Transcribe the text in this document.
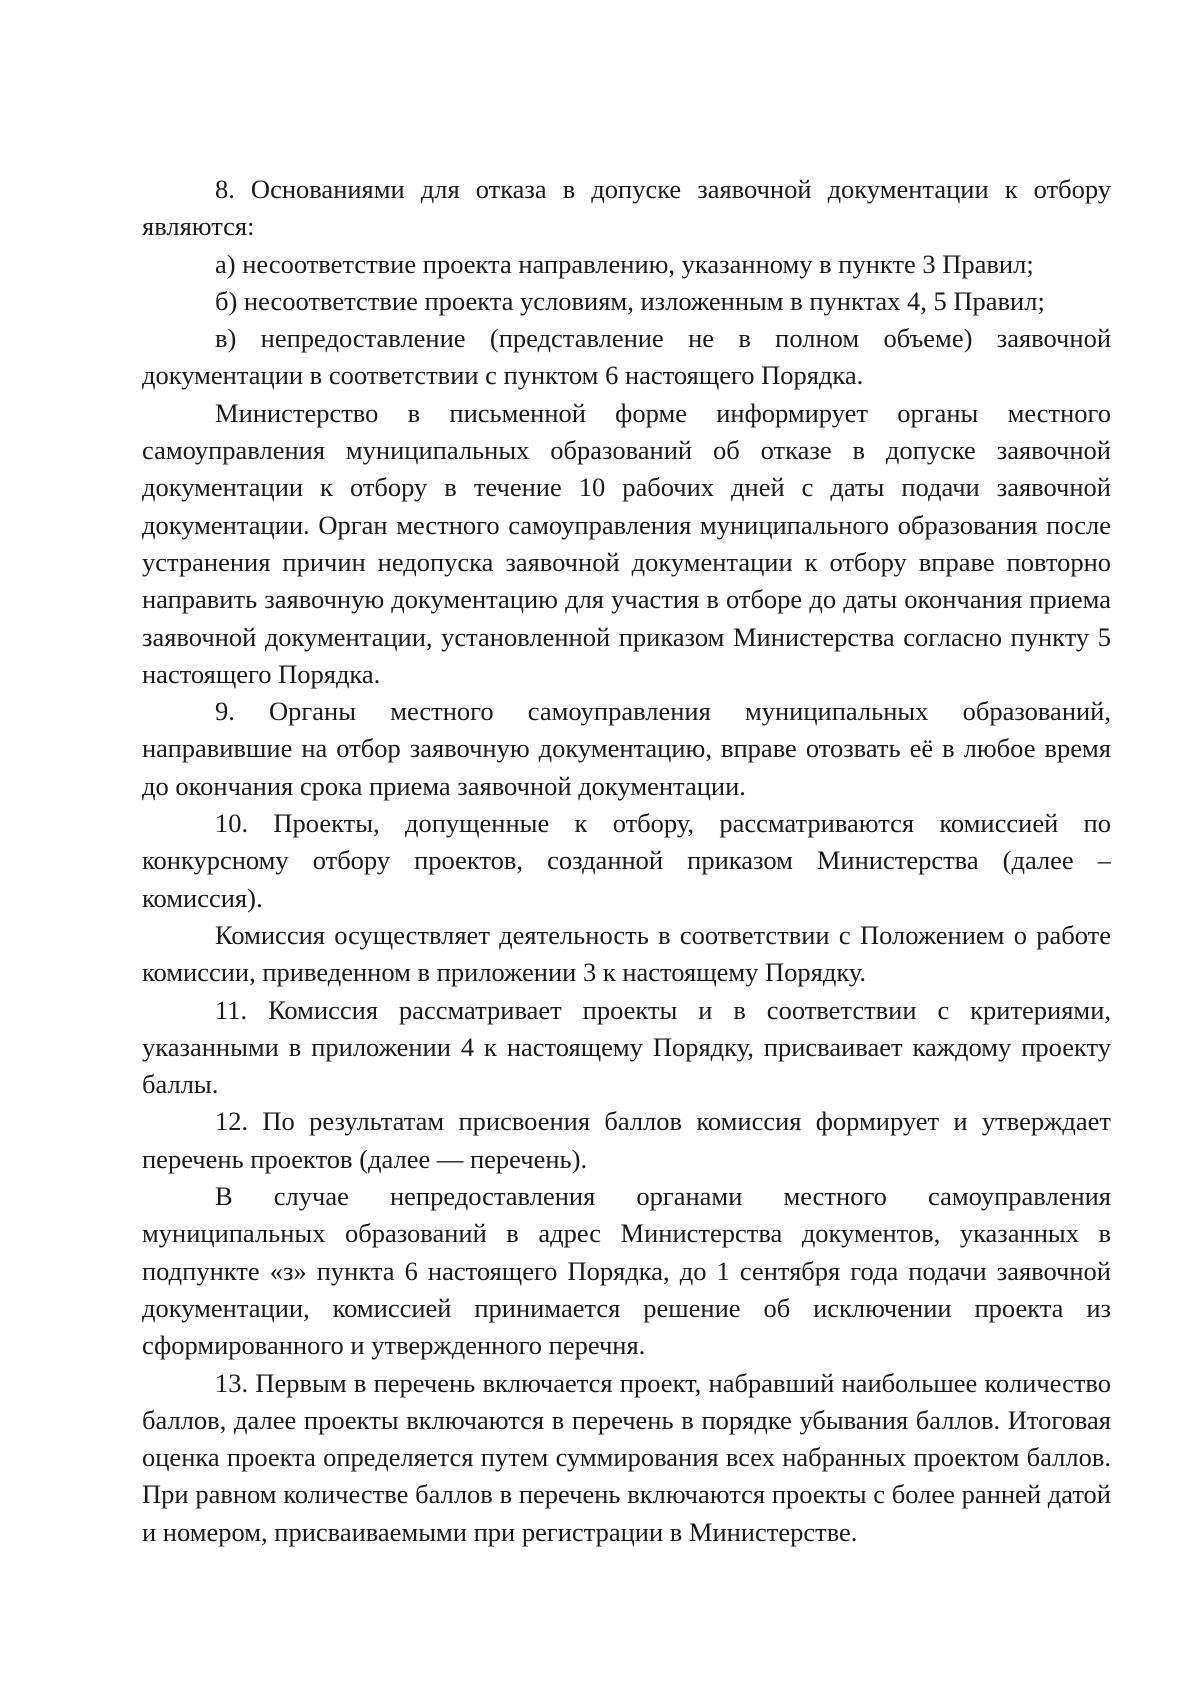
8. Основаниями для отказа в допуске заявочной документации к отбору являются:

а) несоответствие проекта направлению, указанному в пункте 3 Правил;

б) несоответствие проекта условиям, изложенным в пунктах 4, 5 Правил;

в) непредоставление (представление не в полном объеме) заявочной документации в соответствии с пунктом 6 настоящего Порядка.

Министерство в письменной форме информирует органы местного самоуправления муниципальных образований об отказе в допуске заявочной документации к отбору в течение 10 рабочих дней с даты подачи заявочной документации. Орган местного самоуправления муниципального образования после устранения причин недопуска заявочной документации к отбору вправе повторно направить заявочную документацию для участия в отборе до даты окончания приема заявочной документации, установленной приказом Министерства согласно пункту 5 настоящего Порядка.

9. Органы местного самоуправления муниципальных образований, направившие на отбор заявочную документацию, вправе отозвать её в любое время до окончания срока приема заявочной документации.

10. Проекты, допущенные к отбору, рассматриваются комиссией по конкурсному отбору проектов, созданной приказом Министерства (далее – комиссия).

Комиссия осуществляет деятельность в соответствии с Положением о работе комиссии, приведенном в приложении 3 к настоящему Порядку.

11. Комиссия рассматривает проекты и в соответствии с критериями, указанными в приложении 4 к настоящему Порядку, присваивает каждому проекту баллы.

12. По результатам присвоения баллов комиссия формирует и утверждает перечень проектов (далее — перечень).

В случае непредоставления органами местного самоуправления муниципальных образований в адрес Министерства документов, указанных в подпункте «з» пункта 6 настоящего Порядка, до 1 сентября года подачи заявочной документации, комиссией принимается решение об исключении проекта из сформированного и утвержденного перечня.

13. Первым в перечень включается проект, набравший наибольшее количество баллов, далее проекты включаются в перечень в порядке убывания баллов. Итоговая оценка проекта определяется путем суммирования всех набранных проектом баллов. При равном количестве баллов в перечень включаются проекты с более ранней датой и номером, присваиваемыми при регистрации в Министерстве.
